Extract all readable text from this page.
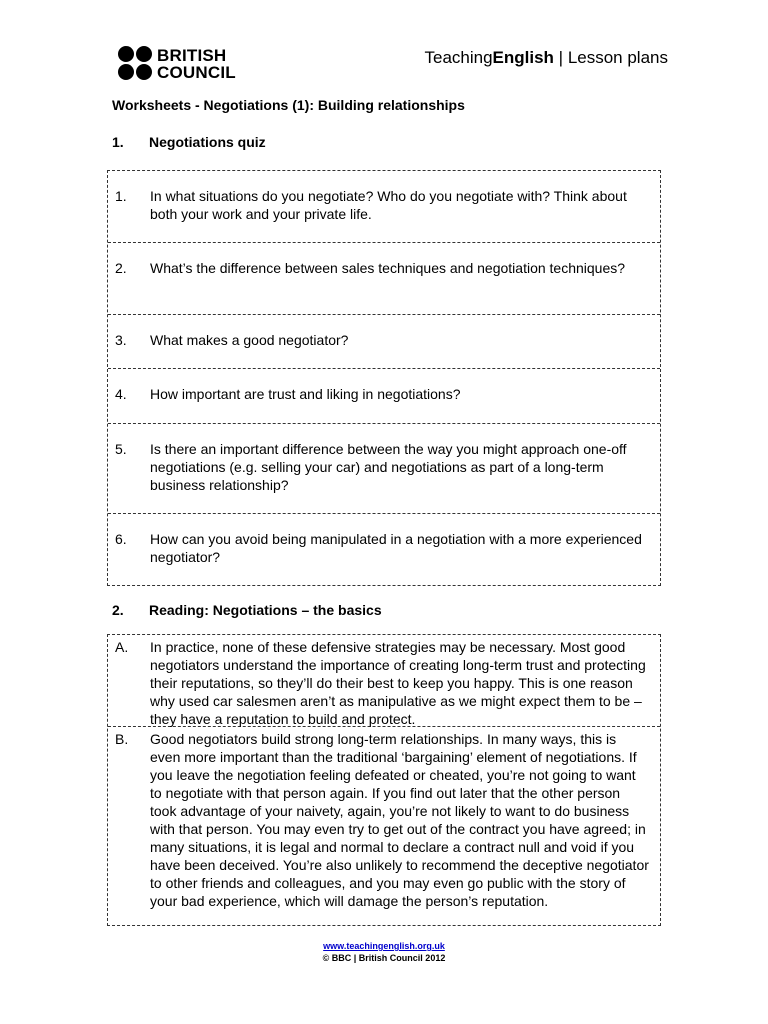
BRITISH
COUNCIL
TeachingEnglish | Lesson plans
Worksheets - Negotiations (1): Building relationships
1. Negotiations quiz
1.	In what situations do you negotiate? Who do you negotiate with? Think about both your work and your private life.
2.	What’s the difference between sales techniques and negotiation techniques?
3.	What makes a good negotiator?
4.	How important are trust and liking in negotiations?
5.	Is there an important difference between the way you might approach one-off negotiations (e.g. selling your car) and negotiations as part of a long-term business relationship?
6.	How can you avoid being manipulated in a negotiation with a more experienced negotiator?
2. Reading: Negotiations – the basics
A.	In practice, none of these defensive strategies may be necessary. Most good negotiators understand the importance of creating long-term trust and protecting their reputations, so they’ll do their best to keep you happy. This is one reason why used car salesmen aren’t as manipulative as we might expect them to be – they have a reputation to build and protect.
B.	Good negotiators build strong long-term relationships. In many ways, this is even more important than the traditional ‘bargaining’ element of negotiations. If you leave the negotiation feeling defeated or cheated, you’re not going to want to negotiate with that person again. If you find out later that the other person took advantage of your naivety, again, you’re not likely to want to do business with that person. You may even try to get out of the contract you have agreed; in many situations, it is legal and normal to declare a contract null and void if you have been deceived. You’re also unlikely to recommend the deceptive negotiator to other friends and colleagues, and you may even go public with the story of your bad experience, which will damage the person’s reputation.
www.teachingenglish.org.uk
© BBC | British Council 2012
